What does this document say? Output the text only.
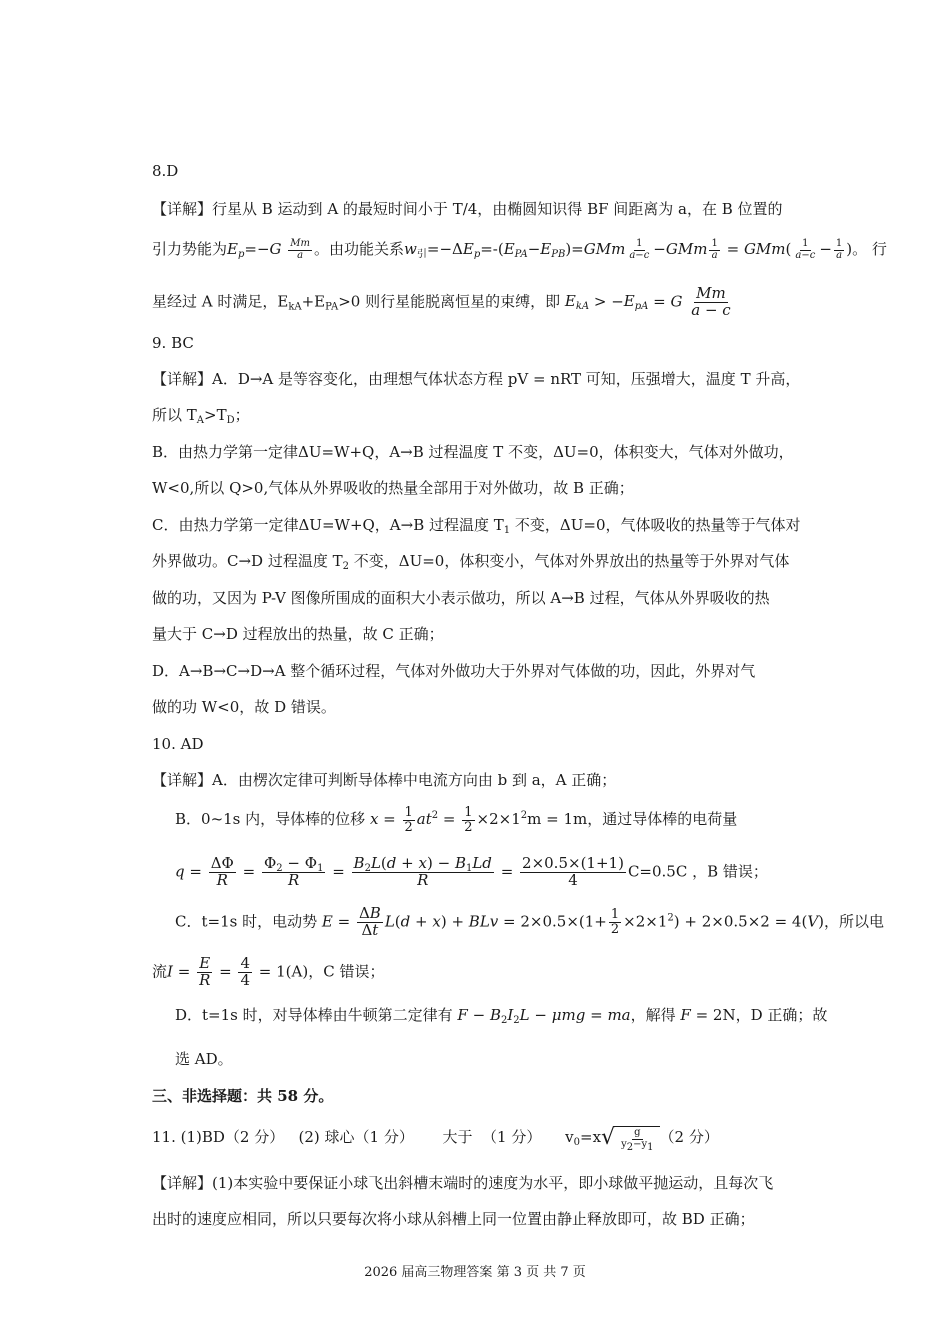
8.D
【详解】行星从 B 运动到 A 的最短时间小于 T/4，由椭圆知识得 BF 间距离为 a，在 B 位置的
引力势能为$E_p=-G \frac{Mm}{a}$ 。由功能关系$w_引=-\Delta E_p=-(E_{PA}-E_{PB})=GMm \frac{1}{a-c} -GMm \frac{1}{a} = GMm( \frac{1}{a-c} - \frac{1}{a}$ )。 行
星经过 A 时满足，$E_{kA}+E_{PA}>0$ 则行星能脱离恒星的束缚，即 $E_{kA} > -E_{pA} = G \frac{Mm}{a - c}$
9. BC
【详解】A．D→A 是等容变化，由理想气体状态方程 pV = nRT 可知，压强增大，温度 T 升高，
所以 $T_A>T_D$；
B．由热力学第一定律ΔU=W+Q，A→B 过程温度 T 不变，ΔU=0，体积变大，气体对外做功，
W<0,所以 Q>0,气体从外界吸收的热量全部用于对外做功，故 B 正确；
C．由热力学第一定律ΔU=W+Q，A→B 过程温度 $T_1$ 不变，ΔU=0，气体吸收的热量等于气体对
外界做功。C→D 过程温度 $T_2$ 不变，ΔU=0，体积变小，气体对外界放出的热量等于外界对气体
做的功，又因为 P-V 图像所围成的面积大小表示做功，所以 A→B 过程，气体从外界吸收的热
量大于 C→D 过程放出的热量，故 C 正确；
D．A→B→C→D→A 整个循环过程，气体对外做功大于外界对气体做的功，因此，外界对气
做的功 W<0，故 D 错误。
10. AD
【详解】A．由楞次定律可判断导体棒中电流方向由 b 到 a，A 正确；
B．0~1s 内，导体棒的位移 $x = \frac{1}{2} at^2 = \frac{1}{2} \times 2\times 1^2m = 1m$，通过导体棒的电荷量
$q = \frac{\Delta\Phi}{R} = \frac{\Phi_2 - \Phi_1}{R} = \frac{B_2L(d + x) - B_1Ld}{R} = \frac{2\times 0.5\times(1+1)}{4} C=0.5C$ ，B 错误；
C．t=1s 时，电动势 $E = \frac{\Delta B}{\Delta t} L(d + x)$ + BLv = $2\times 0.5\times(1+ \frac{1}{2} \times 2\times 1^2) + 2\times 0.5\times 2 = 4(V)$，所以电
流$I = \frac{E}{R} = \frac{4}{4} = 1(A)$，C 错误；
D．t=1s 时，对导体棒由牛顿第二定律有 $F - B_2I_2L - \mu mg$ = ma，解得 F = 2N，D 正确；故
选 AD。
三、非选择题：共 58 分。
11. (1)BD（2 分）   (2) 球心（1 分）      大于  （1 分）     $v_0=x$ √ $\frac{g}{y_2-y_1} (2$ 分）
【详解】(1)本实验中要保证小球飞出斜槽末端时的速度为水平，即小球做平抛运动，且每次飞
出时的速度应相同，所以只要每次将小球从斜槽上同一位置由静止释放即可，故 BD 正确；
2026 届高三物理答案 第 3 页 共 7 页
